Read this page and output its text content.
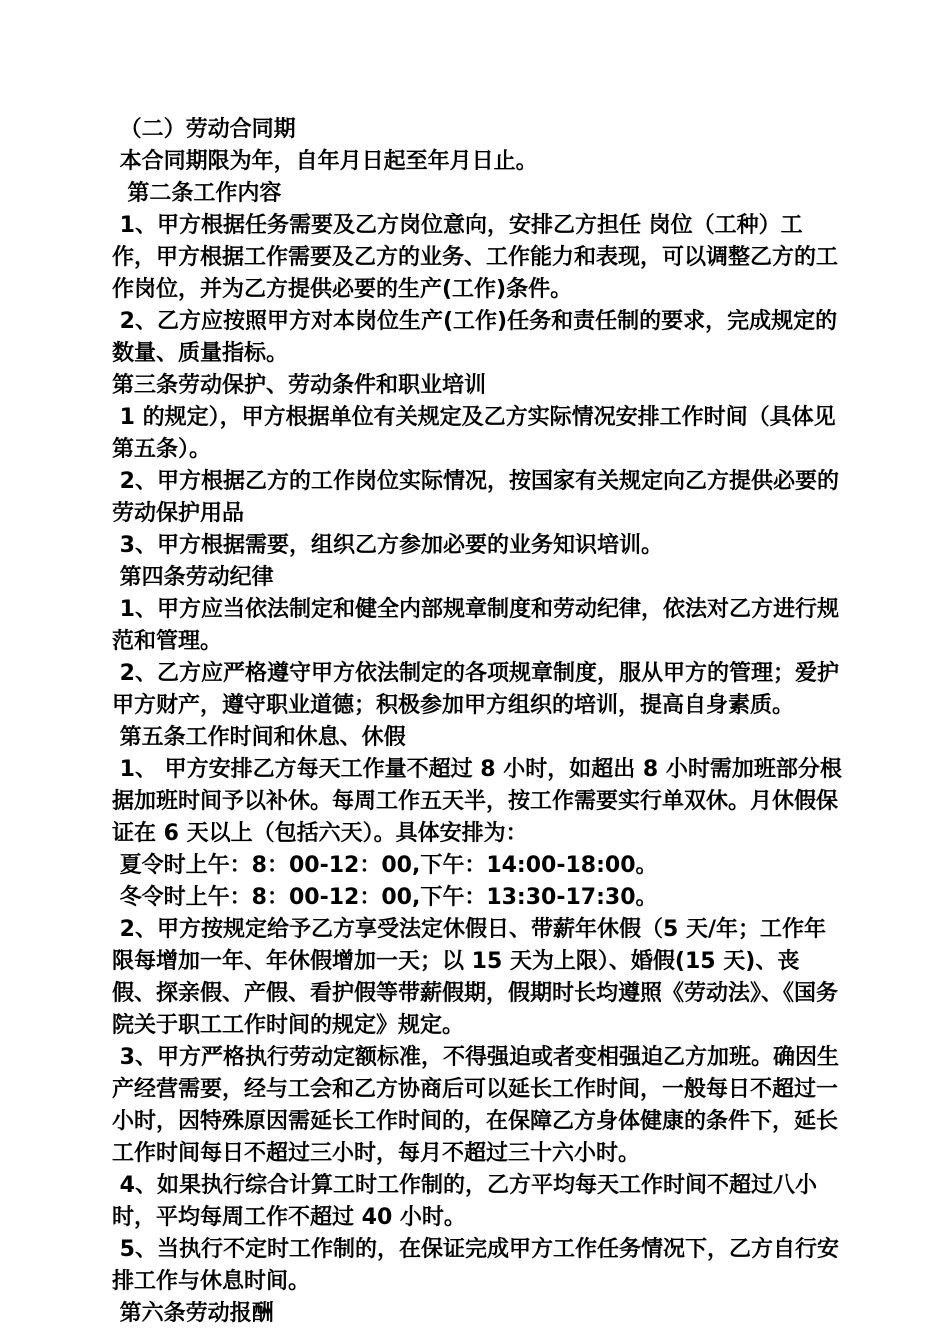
（二）劳动合同期

本合同期限为年，自年月日起至年月日止。

第二条工作内容

1、甲方根据任务需要及乙方岗位意向，安排乙方担任 岗位（工种）工作，甲方根据工作需要及乙方的业务、工作能力和表现，可以调整乙方的工作岗位，并为乙方提供必要的生产(工作)条件。

2、乙方应按照甲方对本岗位生产(工作)任务和责任制的要求，完成规定的数量、质量指标。

第三条劳动保护、劳动条件和职业培训

1 的规定），甲方根据单位有关规定及乙方实际情况安排工作时间（具体见第五条）。

2、甲方根据乙方的工作岗位实际情况，按国家有关规定向乙方提供必要的劳动保护用品

3、甲方根据需要，组织乙方参加必要的业务知识培训。

第四条劳动纪律

1、甲方应当依法制定和健全内部规章制度和劳动纪律，依法对乙方进行规范和管理。

2、乙方应严格遵守甲方依法制定的各项规章制度，服从甲方的管理；爱护甲方财产，遵守职业道德；积极参加甲方组织的培训，提高自身素质。

第五条工作时间和休息、休假

1、 甲方安排乙方每天工作量不超过 8 小时，如超出 8 小时需加班部分根据加班时间予以补休。每周工作五天半，按工作需要实行单双休。月休假保证在 6 天以上（包括六天）。具体安排为：

夏令时上午：8：00-12：00,下午：14:00-18:00。

冬令时上午：8：00-12：00,下午：13:30-17:30。

2、甲方按规定给予乙方享受法定休假日、带薪年休假（5 天/年；工作年限每增加一年、年休假增加一天；以 15 天为上限）、婚假(15 天)、丧假、探亲假、产假、看护假等带薪假期，假期时长均遵照《劳动法》、《国务院关于职工工作时间的规定》规定。

3、甲方严格执行劳动定额标准，不得强迫或者变相强迫乙方加班。确因生产经营需要，经与工会和乙方协商后可以延长工作时间，一般每日不超过一小时，因特殊原因需延长工作时间的，在保障乙方身体健康的条件下，延长工作时间每日不超过三小时，每月不超过三十六小时。

4、如果执行综合计算工时工作制的，乙方平均每天工作时间不超过八小时，平均每周工作不超过 40 小时。

5、当执行不定时工作制的，在保证完成甲方工作任务情况下，乙方自行安排工作与休息时间。

第六条劳动报酬
